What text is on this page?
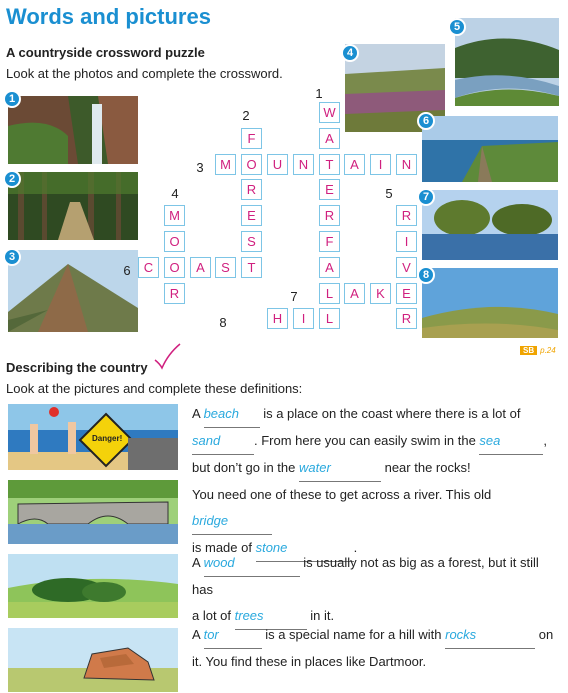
Words and pictures
A countryside crossword puzzle
Look at the photos and complete the crossword.
1
2
3
4
5
6
7
8
W
A
T
E
R
F
A
L
L
F
O
R
E
S
T
M	U	N	A	I	N
M
O
O
R
C	A	S
R
I
V
E
R
A	K
H	I
1
2
3
4	5
6
7
8
SB p.24
Describing the country
Look at the pictures and complete these definitions:
Danger!
A beach is a place on the coast where there is a lot of
sand	. From here you can easily swim in the sea	,
but don’t go in the water	near the rocks!
You need one of these to get across a river. This old bridge
is made of stone	.
A wood	is usually not as big as a forest, but it still has
a lot of trees	in it.
A tor	is a special name for a hill with rocks	on
it. You find these in places like Dartmoor.
